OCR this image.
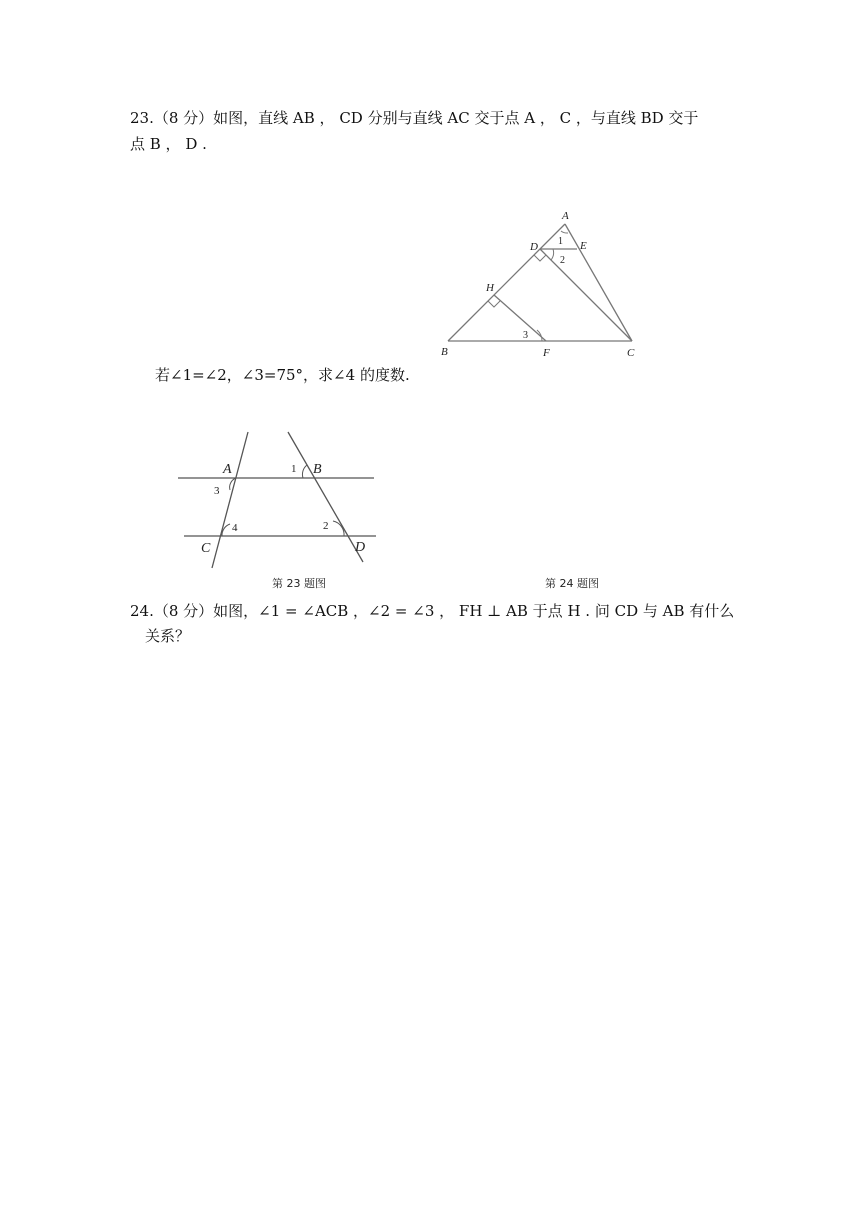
23.（8 分）如图，直线 AB ， CD 分别与直线 AC 交于点 A ， C ，与直线 BD 交于
点 B ， D .
A
D	E
1
2
H
3
B	F	C
若∠1=∠2，∠3=75°，求∠4 的度数.
A
3
1 B
4	2
C	D
第 23 题图	第 24 题图
24.（8 分）如图，∠1 = ∠ACB ，∠2 = ∠3 ， FH ⊥ AB 于点 H . 问 CD 与 AB 有什么
关系？
